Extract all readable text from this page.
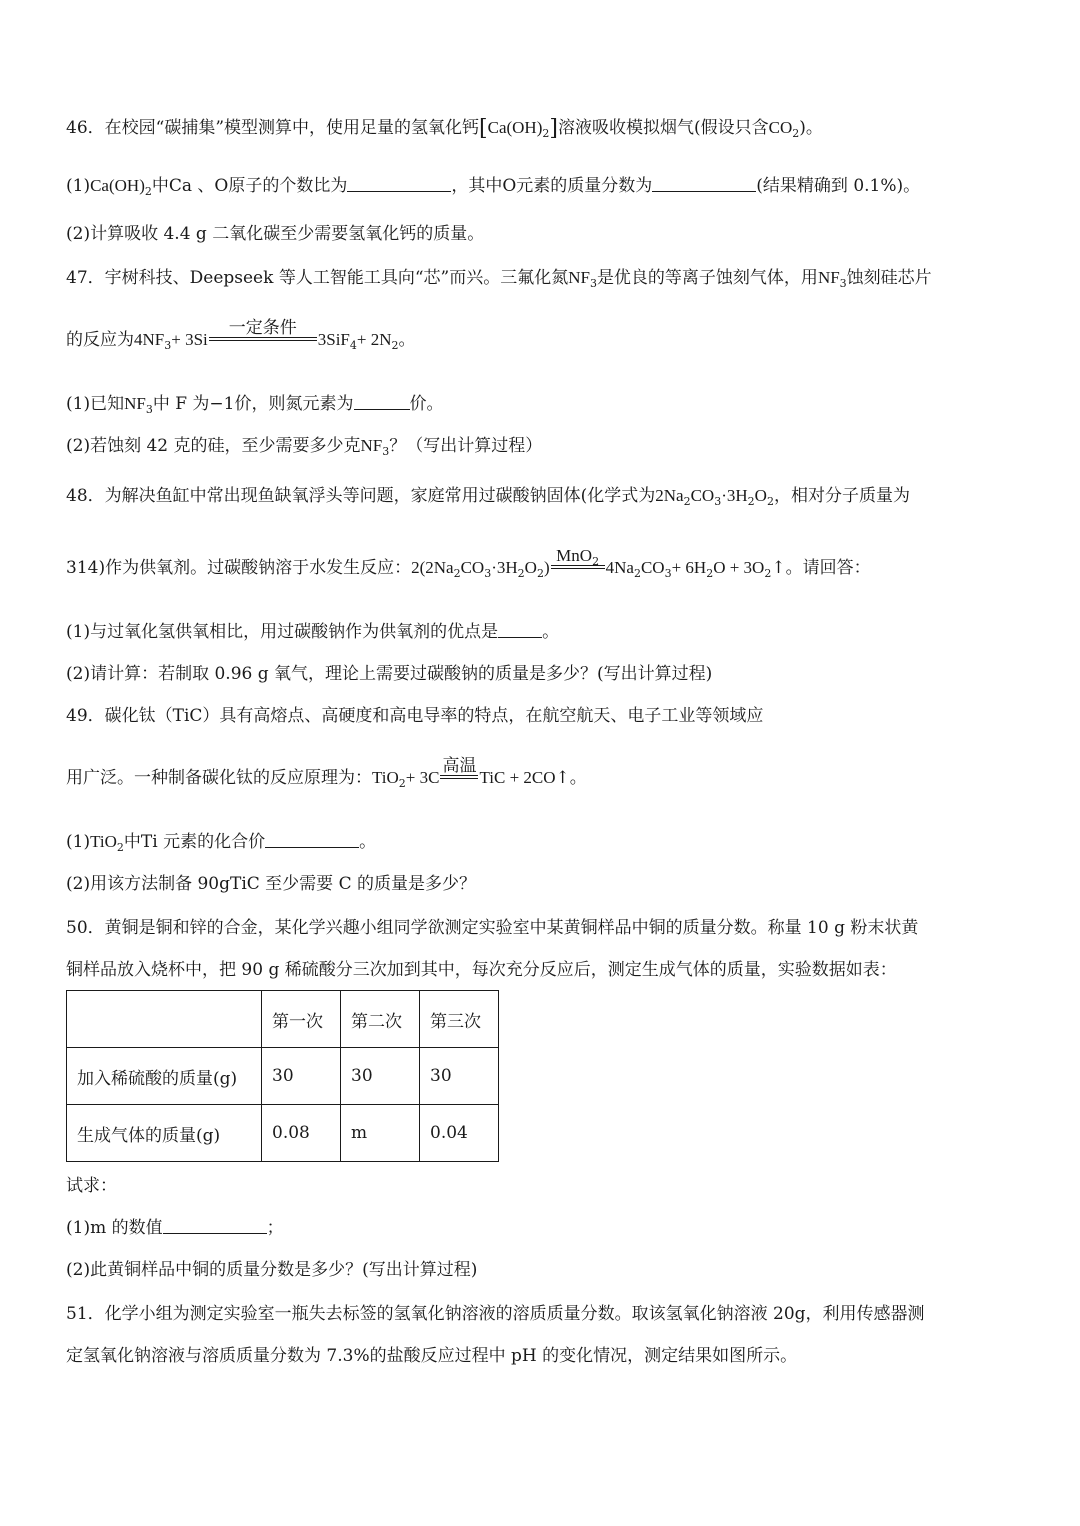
46．在校园“碳捕集”模型测算中，使用足量的氢氧化钙$[Ca(OH)_2]$溶液吸收模拟烟气(假设只含$CO_2$)。
$(1)Ca(OH)_2$中Ca 、O原子的个数比为	，其中O元素的质量分数为	(结果精确到 0.1%)。
(2)计算吸收 4.4 g 二氧化碳至少需要氢氧化钙的质量。
47．宇树科技、Deepseek 等人工智能工具向“芯”而兴。三氟化氮$NF_3$是优良的等离子蚀刻气体，用$NF_3$蚀刻硅芯片
的反应为$4NF_3+ 3Si$
一定条件
$3SiF_4+ 2N_2$。
(1)已知$NF_3$中 F 为−1价，则氮元素为	价。
(2)若蚀刻 42 克的硅，至少需要多少克$NF_3$？（写出计算过程）
48．为解决鱼缸中常出现鱼缺氧浮头等问题，家庭常用过碳酸钠固体(化学式为$2Na_2CO_3\cdot 3H_2O_2$，相对分子质量为
314)作为供氧剂。过碳酸钠溶于水发生反应：$2(2Na_2CO_3\cdot 3H_2O_2)$
MnO$_2$ $4Na_2CO_3+ 6H_2O$ + $3O_2↑$。请回答：
(1)与过氧化氢供氧相比，用过碳酸钠作为供氧剂的优点是	。
(2)请计算：若制取 0.96 g 氧气，理论上需要过碳酸钠的质量是多少？(写出计算过程)
49．碳化钛（TiC）具有高熔点、高硬度和高电导率的特点，在航空航天、电子工业等领域应
用广泛。一种制备碳化钛的反应原理为：TiO$_2$+ 3C
高温
TiC + 2CO↑。
(1)TiO$_2$中Ti 元素的化合价	。
(2)用该方法制备 90gTiC 至少需要 C 的质量是多少？
50．黄铜是铜和锌的合金，某化学兴趣小组同学欲测定实验室中某黄铜样品中铜的质量分数。称量 10 g 粉末状黄
铜样品放入烧杯中，把 90 g 稀硫酸分三次加到其中，每次充分反应后，测定生成气体的质量，实验数据如表：
	第一次	第二次	第三次
加入稀硫酸的质量(g)	30	30	30
生成气体的质量(g)	0.08	m	0.04
试求：
(1)m 的数值	；
(2)此黄铜样品中铜的质量分数是多少？(写出计算过程)
51．化学小组为测定实验室一瓶失去标签的氢氧化钠溶液的溶质质量分数。取该氢氧化钠溶液 20g，利用传感器测
定氢氧化钠溶液与溶质质量分数为 7.3%的盐酸反应过程中 pH 的变化情况，测定结果如图所示。
